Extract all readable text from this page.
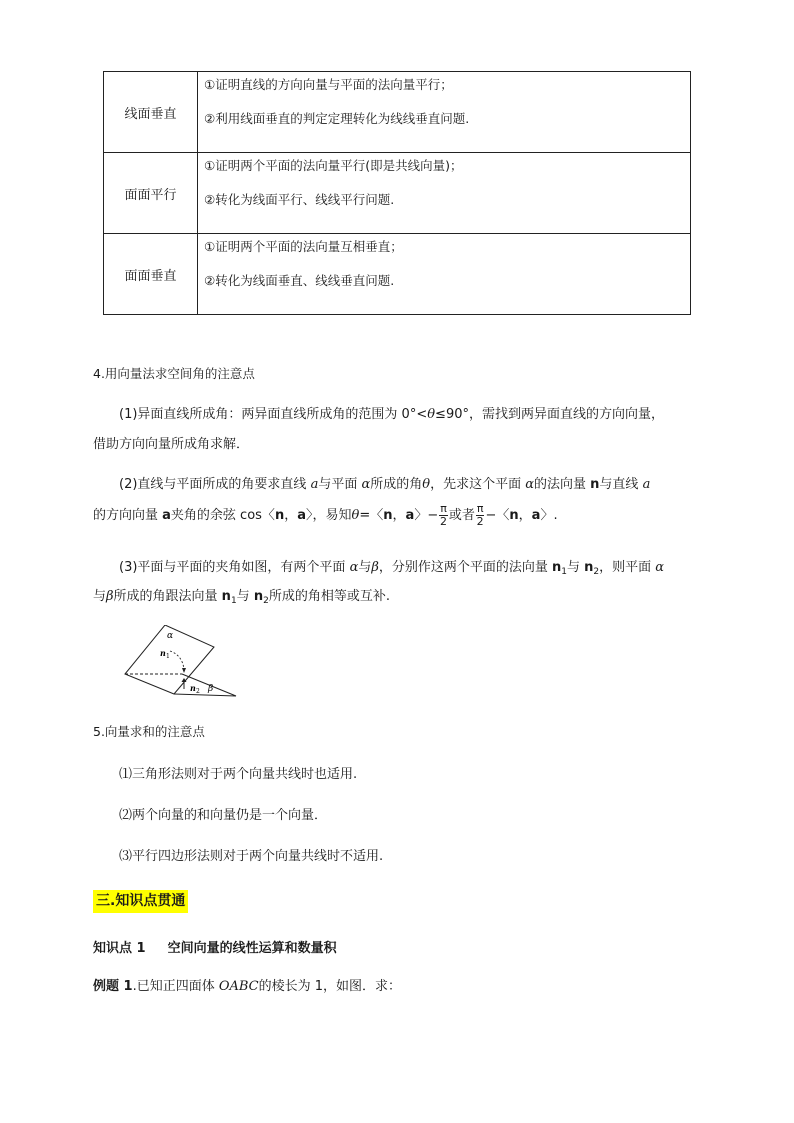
线面垂直	①证明直线的方向向量与平面的法向量平行；
②利用线面垂直的判定定理转化为线线垂直问题.

面面平行	①证明两个平面的法向量平行(即是共线向量)；
②转化为线面平行、线线平行问题.

面面垂直	①证明两个平面的法向量互相垂直；
②转化为线面垂直、线线垂直问题.
4.用向量法求空间角的注意点
(1)异面直线所成角：两异面直线所成角的范围为 0°<θ≤90°，需找到两异面直线的方向向量，
借助方向向量所成角求解．
(2)直线与平面所成的角要求直线 a与平面 α所成的角θ，先求这个平面 α的法向量 n与直线 a
的方向向量 a夹角的余弦 cos〈n，a〉，易知θ=〈n，a〉− $\frac{\pi}{2}$ 或者 $\frac{\pi}{2}$ −〈n，a〉.
(3)平面与平面的夹角如图，有两个平面 α与β，分别作这两个平面的法向量 $n_1$与 $n_2$，则平面 α
与β所成的角跟法向量 $n_1$与 $n_2$所成的角相等或互补.
α
n 1
n 2 β
5.向量求和的注意点
⑴三角形法则对于两个向量共线时也适用.
⑵两个向量的和向量仍是一个向量．
⑶平行四边形法则对于两个向量共线时不适用.
三.知识点贯通
知识点 1 空间向量的线性运算和数量积
例题 1.已知正四面体 OABC的棱长为 1，如图．求：
